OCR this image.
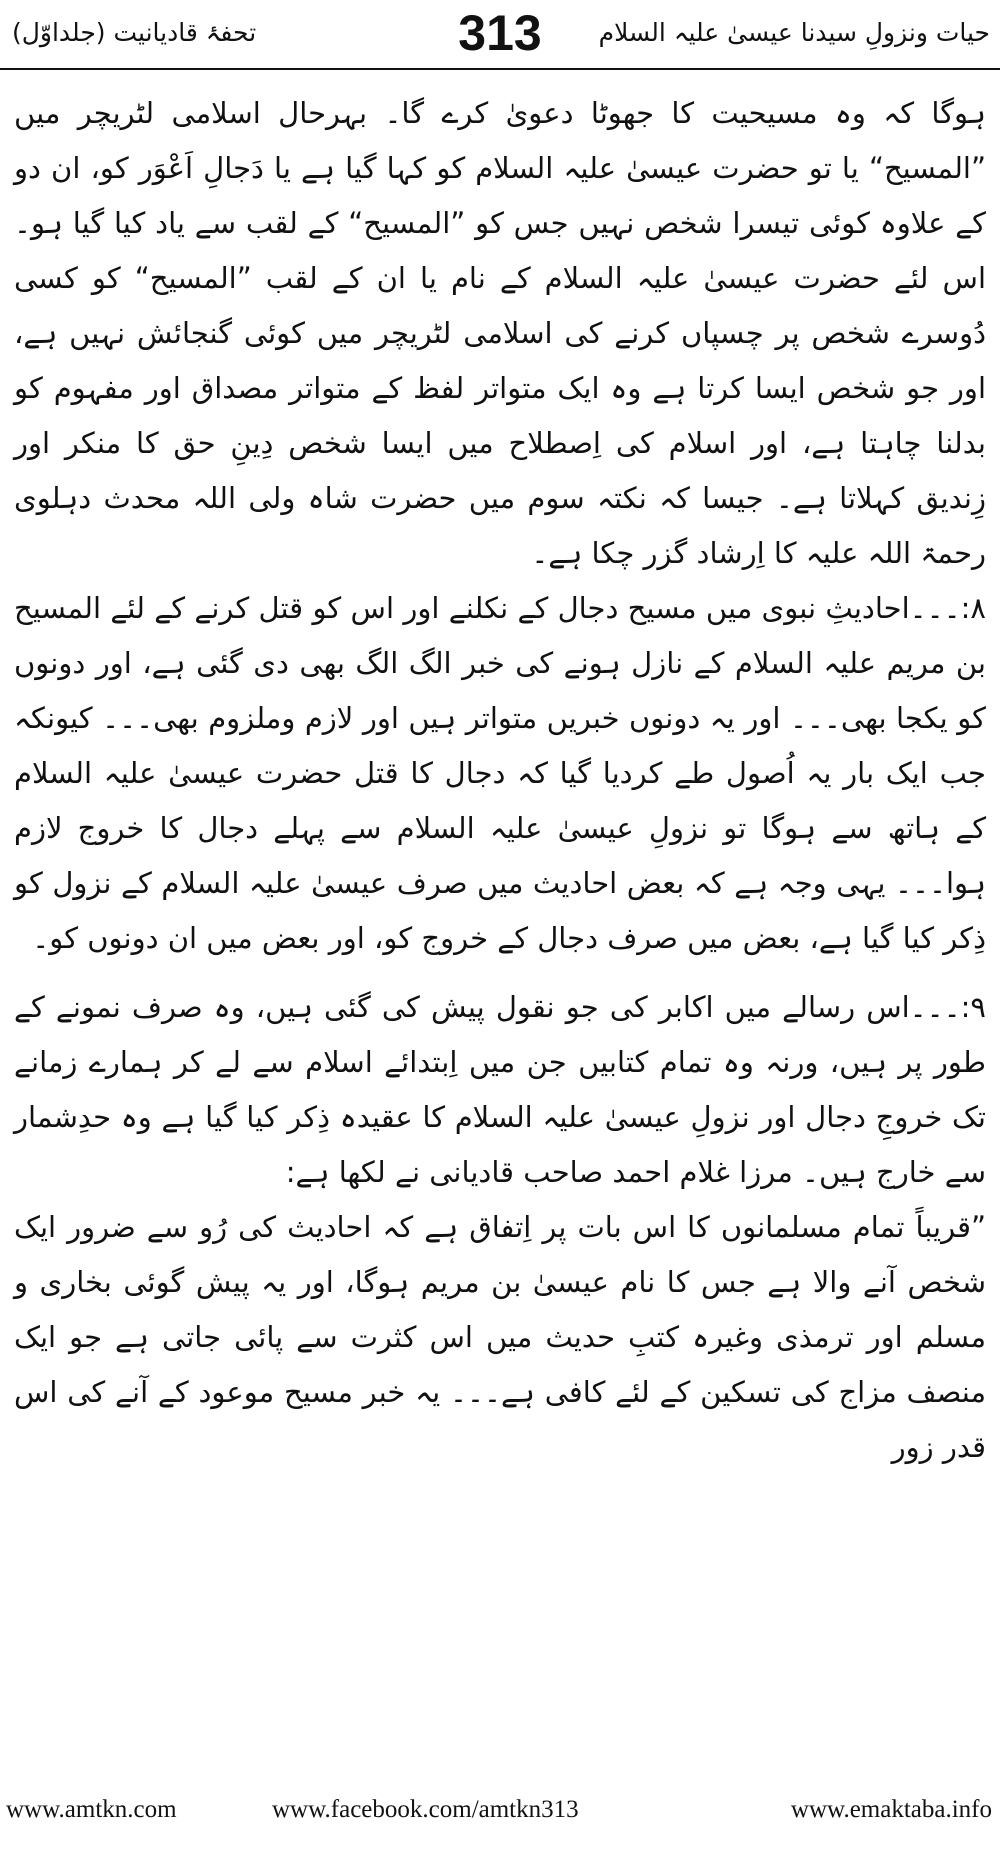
تحفۂ قادیانیت (جلداوّل)	313	حیات ونزولِ سیدنا عیسیٰ علیہ السلام

ہوگا کہ وہ مسیحیت کا جھوٹا دعویٰ کرے گا۔ بہرحال اسلامی لٹریچر میں ”المسیح“ یا تو حضرت عیسیٰ علیہ السلام کو کہا گیا ہے یا دَجالِ اَعْوَر کو، ان دو کے علاوہ کوئی تیسرا شخص نہیں جس کو ”المسیح“ کے لقب سے یاد کیا گیا ہو۔ اس لئے حضرت عیسیٰ علیہ السلام کے نام یا ان کے لقب ”المسیح“ کو کسی دُوسرے شخص پر چسپاں کرنے کی اسلامی لٹریچر میں کوئی گنجائش نہیں ہے، اور جو شخص ایسا کرتا ہے وہ ایک متواتر لفظ کے متواتر مصداق اور مفہوم کو بدلنا چاہتا ہے، اور اسلام کی اِصطلاح میں ایسا شخص دِینِ حق کا منکر اور زِندیق کہلاتا ہے۔ جیسا کہ نکتہ سوم میں حضرت شاہ ولی اللہ محدث دہلوی رحمۃ اللہ علیہ کا اِرشاد گزر چکا ہے۔

۸:۔۔۔احادیثِ نبوی میں مسیح دجال کے نکلنے اور اس کو قتل کرنے کے لئے المسیح بن مریم علیہ السلام کے نازل ہونے کی خبر الگ الگ بھی دی گئی ہے، اور دونوں کو یکجا بھی۔۔۔ اور یہ دونوں خبریں متواتر ہیں اور لازم وملزوم بھی۔۔۔ کیونکہ جب ایک بار یہ اُصول طے کردیا گیا کہ دجال کا قتل حضرت عیسیٰ علیہ السلام کے ہاتھ سے ہوگا تو نزولِ عیسیٰ علیہ السلام سے پہلے دجال کا خروج لازم ہوا۔۔۔ یہی وجہ ہے کہ بعض احادیث میں صرف عیسیٰ علیہ السلام کے نزول کو ذِکر کیا گیا ہے، بعض میں صرف دجال کے خروج کو، اور بعض میں ان دونوں کو۔

۹:۔۔۔اس رسالے میں اکابر کی جو نقول پیش کی گئی ہیں، وہ صرف نمونے کے طور پر ہیں، ورنہ وہ تمام کتابیں جن میں اِبتدائے اسلام سے لے کر ہمارے زمانے تک خروجِ دجال اور نزولِ عیسیٰ علیہ السلام کا عقیدہ ذِکر کیا گیا ہے وہ حدِشمار سے خارج ہیں۔ مرزا غلام احمد صاحب قادیانی نے لکھا ہے:

”قریباً تمام مسلمانوں کا اس بات پر اِتفاق ہے کہ احادیث کی رُو سے ضرور ایک شخص آنے والا ہے جس کا نام عیسیٰ بن مریم ہوگا، اور یہ پیش گوئی بخاری و مسلم اور ترمذی وغیرہ کتبِ حدیث میں اس کثرت سے پائی جاتی ہے جو ایک منصف مزاج کی تسکین کے لئے کافی ہے۔۔۔ یہ خبر مسیح موعود کے آنے کی اس قدر زور

www.amtkn.com	www.facebook.com/amtkn313	www.emaktaba.info
